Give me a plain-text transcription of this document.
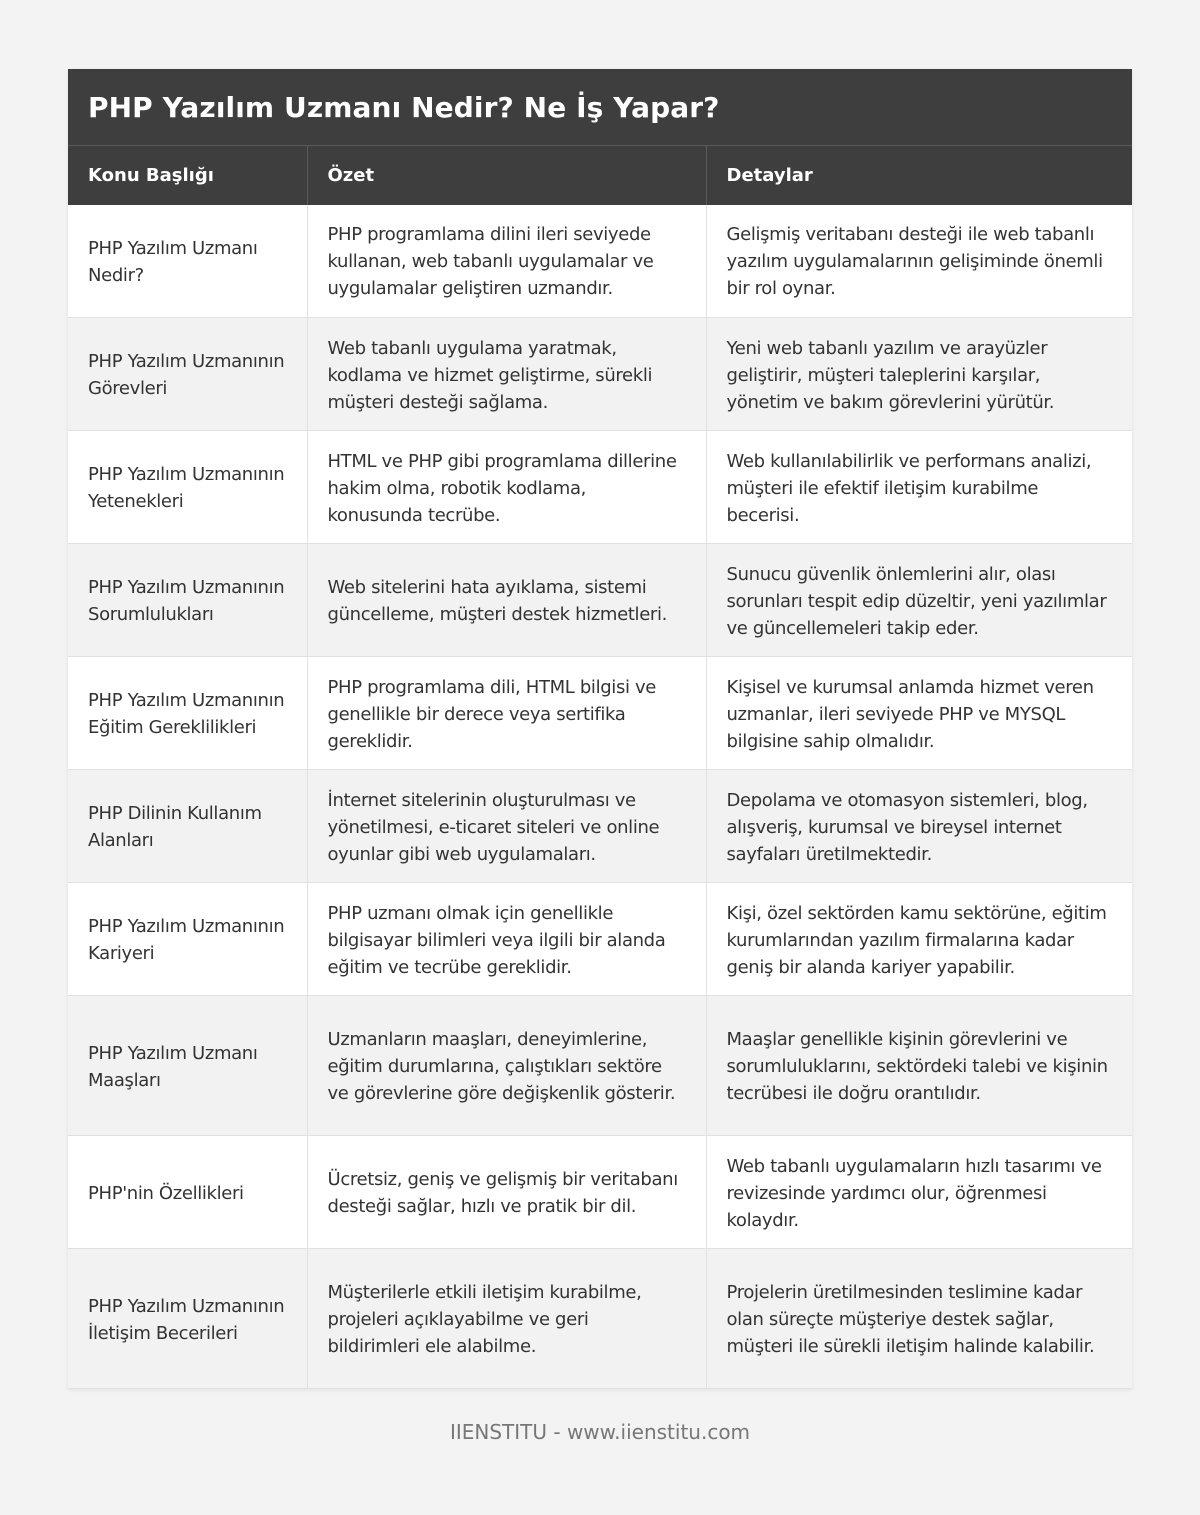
PHP Yazılım Uzmanı Nedir? Ne İş Yapar?
Konu Başlığı	Özet	Detaylar
PHP Yazılım Uzmanı Nedir?	PHP programlama dilini ileri seviyede kullanan, web tabanlı uygulamalar ve uygulamalar geliştiren uzmandır.	Gelişmiş veritabanı desteği ile web tabanlı yazılım uygulamalarının gelişiminde önemli bir rol oynar.
PHP Yazılım Uzmanının Görevleri	Web tabanlı uygulama yaratmak, kodlama ve hizmet geliştirme, sürekli müşteri desteği sağlama.	Yeni web tabanlı yazılım ve arayüzler geliştirir, müşteri taleplerini karşılar, yönetim ve bakım görevlerini yürütür.
PHP Yazılım Uzmanının Yetenekleri	HTML ve PHP gibi programlama dillerine hakim olma, robotik kodlama, konusunda tecrübe.	Web kullanılabilirlik ve performans analizi, müşteri ile efektif iletişim kurabilme becerisi.
PHP Yazılım Uzmanının Sorumlulukları	Web sitelerini hata ayıklama, sistemi güncelleme, müşteri destek hizmetleri.	Sunucu güvenlik önlemlerini alır, olası sorunları tespit edip düzeltir, yeni yazılımlar ve güncellemeleri takip eder.
PHP Yazılım Uzmanının Eğitim Gereklilikleri	PHP programlama dili, HTML bilgisi ve genellikle bir derece veya sertifika gereklidir.	Kişisel ve kurumsal anlamda hizmet veren uzmanlar, ileri seviyede PHP ve MYSQL bilgisine sahip olmalıdır.
PHP Dilinin Kullanım Alanları	İnternet sitelerinin oluşturulması ve yönetilmesi, e-ticaret siteleri ve online oyunlar gibi web uygulamaları.	Depolama ve otomasyon sistemleri, blog, alışveriş, kurumsal ve bireysel internet sayfaları üretilmektedir.
PHP Yazılım Uzmanının Kariyeri	PHP uzmanı olmak için genellikle bilgisayar bilimleri veya ilgili bir alanda eğitim ve tecrübe gereklidir.	Kişi, özel sektörden kamu sektörüne, eğitim kurumlarından yazılım firmalarına kadar geniş bir alanda kariyer yapabilir.
PHP Yazılım Uzmanı Maaşları	Uzmanların maaşları, deneyimlerine, eğitim durumlarına, çalıştıkları sektöre ve görevlerine göre değişkenlik gösterir.	Maaşlar genellikle kişinin görevlerini ve sorumluluklarını, sektördeki talebi ve kişinin tecrübesi ile doğru orantılıdır.
PHP'nin Özellikleri	Ücretsiz, geniş ve gelişmiş bir veritabanı desteği sağlar, hızlı ve pratik bir dil.	Web tabanlı uygulamaların hızlı tasarımı ve revizesinde yardımcı olur, öğrenmesi kolaydır.
PHP Yazılım Uzmanının İletişim Becerileri	Müşterilerle etkili iletişim kurabilme, projeleri açıklayabilme ve geri bildirimleri ele alabilme.	Projelerin üretilmesinden teslimine kadar olan süreçte müşteriye destek sağlar, müşteri ile sürekli iletişim halinde kalabilir.
IIENSTITU - www.iienstitu.com
